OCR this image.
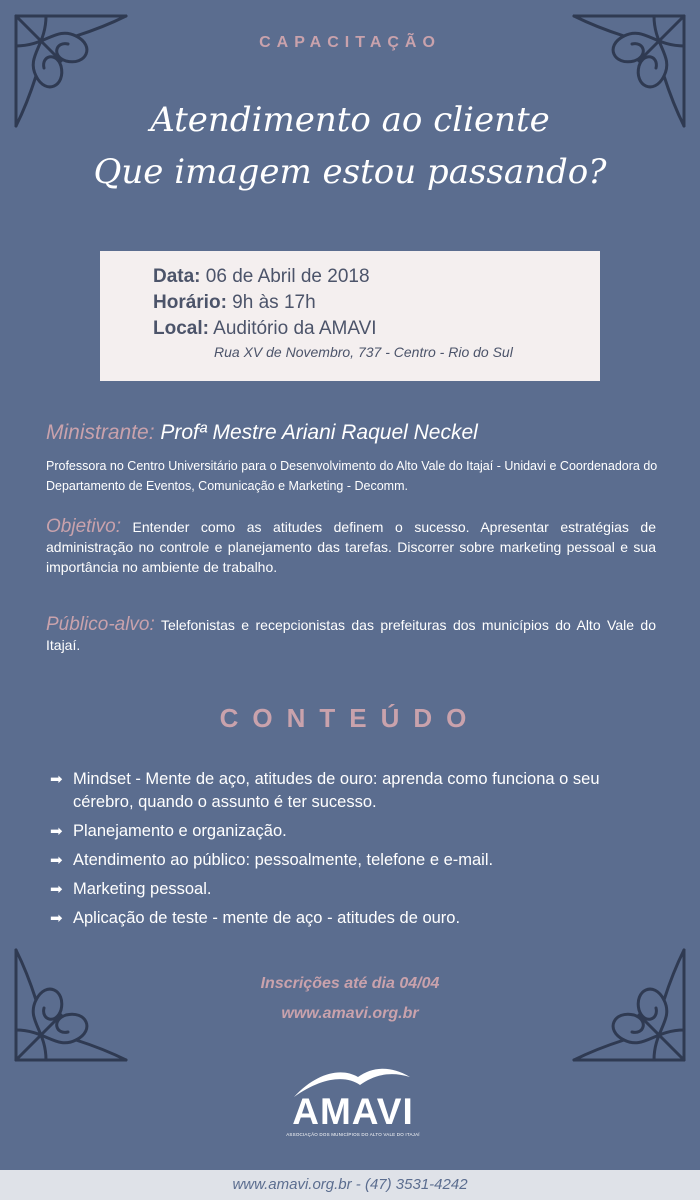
CAPACITAÇÃO
Atendimento ao cliente
Que imagem estou passando?
Data: 06 de Abril de 2018
Horário: 9h às 17h
Local: Auditório da AMAVI
Rua XV de Novembro, 737 - Centro - Rio do Sul
Ministrante: Profª Mestre Ariani Raquel Neckel
Professora no Centro Universitário para o Desenvolvimento do Alto Vale do Itajaí - Unidavi e Coordenadora do Departamento de Eventos, Comunicação e Marketing - Decomm.
Objetivo: Entender como as atitudes definem o sucesso. Apresentar estratégias de administração no controle e planejamento das tarefas. Discorrer sobre marketing pessoal e sua importância no ambiente de trabalho.
Público-alvo: Telefonistas e recepcionistas das prefeituras dos municípios do Alto Vale do Itajaí.
CONTEÚDO
➡ Mindset - Mente de aço, atitudes de ouro: aprenda como funciona o seu cérebro, quando o assunto é ter sucesso.
➡ Planejamento e organização.
➡ Atendimento ao público: pessoalmente, telefone e e-mail.
➡ Marketing pessoal.
➡ Aplicação de teste - mente de aço - atitudes de ouro.
Inscrições até dia 04/04
www.amavi.org.br
AMAVI
ASSOCIAÇÃO DOS MUNICÍPIOS DO ALTO VALE DO ITAJAÍ
www.amavi.org.br - (47) 3531-4242
